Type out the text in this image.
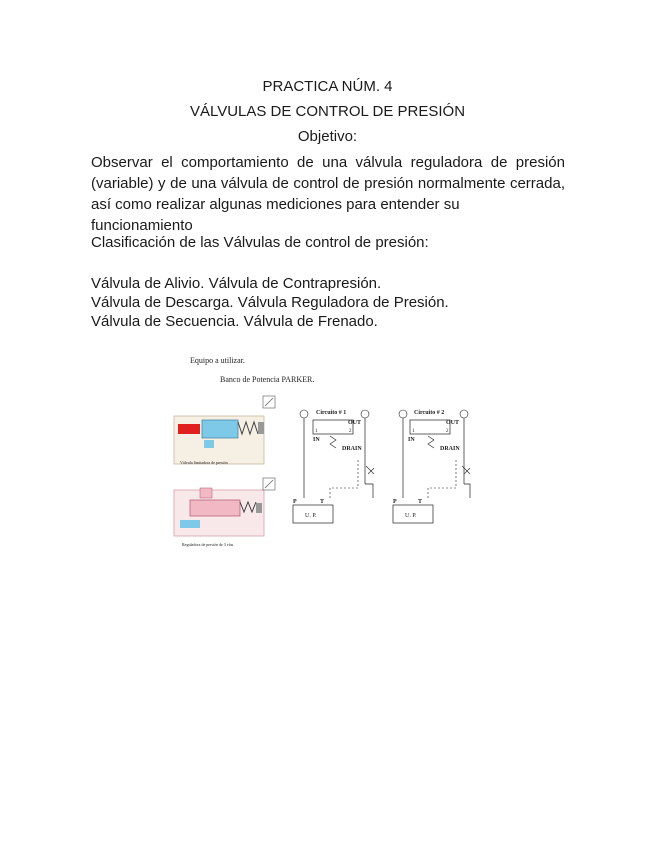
PRACTICA NÚM. 4
VÁLVULAS DE CONTROL DE PRESIÓN
Objetivo:

Observar el comportamiento de una válvula reguladora de presión

(variable) y de una válvula de control de presión normalmente cerrada,

así como realizar algunas mediciones para entender su funcionamiento

Clasificación de las Válvulas de control de presión:
Válvula de Alivio. Válvula de Contrapresión.
Válvula de Descarga. Válvula Reguladora de Presión.
Válvula de Secuencia. Válvula de Frenado.
Equipo a utilizar.
Banco de Potencia PARKER.
Válvula limitadora de presión
Reguladora de presión de 3 vías
Circuito # 1
OUT
1	2
IN
DRAIN
P	T
U. P.
Circuito # 2
OUT
1	2
IN
DRAIN
P	T
U. P.
